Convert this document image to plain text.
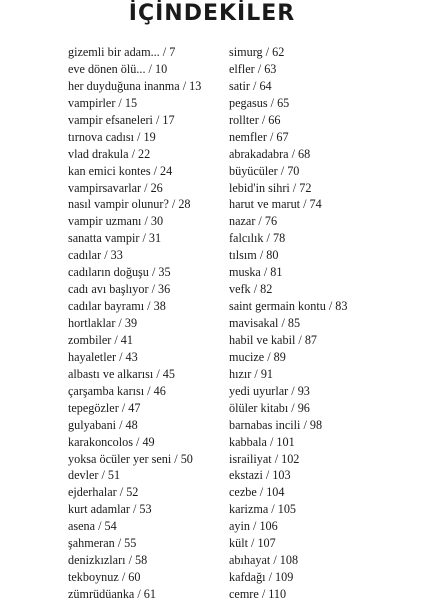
İÇİNDEKİLER
gizemli bir adam... / 7
eve dönen ölü... / 10
her duyduğuna inanma / 13
vampirler / 15
vampir efsaneleri / 17
tırnova cadısı / 19
vlad drakula / 22
kan emici kontes / 24
vampirsavarlar / 26
nasıl vampir olunur? / 28
vampir uzmanı / 30
sanatta vampir / 31
cadılar / 33
cadıların doğuşu / 35
cadı avı başlıyor / 36
cadılar bayramı / 38
hortlaklar / 39
zombiler / 41
hayaletler / 43
albastı ve alkarısı / 45
çarşamba karısı / 46
tepegözler / 47
gulyabani / 48
karakoncolos / 49
yoksa öcüler yer seni / 50
devler / 51
ejderhalar / 52
kurt adamlar / 53
asena / 54
şahmeran / 55
denizkızları / 58
tekboynuz / 60
zümrüdüanka / 61
simurg / 62
elfler / 63
satir / 64
pegasus / 65
rollter / 66
nemfler / 67
abrakadabra / 68
büyücüler / 70
lebid'in sihri / 72
harut ve marut / 74
nazar / 76
falcılık / 78
tılsım / 80
muska / 81
vefk / 82
saint germain kontu / 83
mavisakal / 85
habil ve kabil / 87
mucize / 89
hızır / 91
yedi uyurlar / 93
ölüler kitabı / 96
barnabas incili / 98
kabbala / 101
israiliyat / 102
ekstazi / 103
cezbe / 104
karizma / 105
ayin / 106
kült / 107
abıhayat / 108
kafdağı / 109
cemre / 110
